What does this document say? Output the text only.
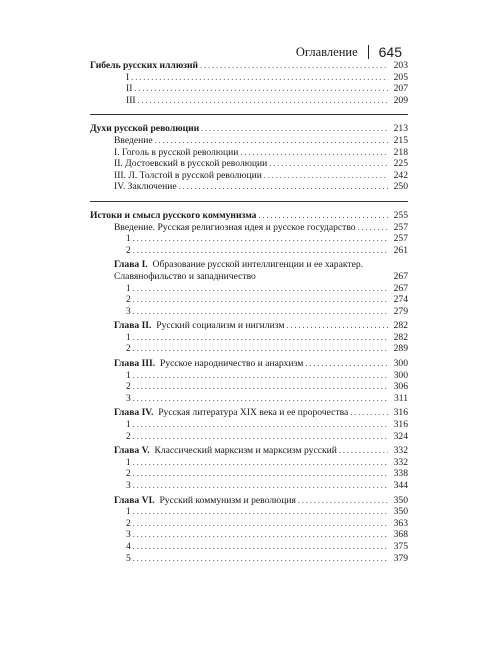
Оглавление 645
Гибель русских иллюзий . . .	203
I . . .	205
II . . .	207
III . . .	209
Духи русской революции . . .	213
Введение . . .	215
I. Гоголь в русской революции . . .	218
II. Достоевский в русской революции . . .	225
III. Л. Толстой в русской революции . . .	242
IV. Заключение . . .	250
Истоки и смысл русского коммунизма . . .	255
Введение. Русская религиозная идея и русское государство . . .	257
1 . . .	257
2 . . .	261
Глава I. Образование русской интеллигенции и ее характер. Славянофильство и западничество	267
1 . . .	267
2 . . .	274
3 . . .	279
Глава II. Русский социализм и нигилизм . . .	282
1 . . .	282
2 . . .	289
Глава III. Русское народничество и анархизм . . .	300
1 . . .	300
2 . . .	306
3 . . .	311
Глава IV. Русская литература XIX века и ее пророчества . . .	316
1 . . .	316
2 . . .	324
Глава V. Классический марксизм и марксизм русский . . .	332
1 . . .	332
2 . . .	338
3 . . .	344
Глава VI. Русский коммунизм и революция . . .	350
1 . . .	350
2 . . .	363
3 . . .	368
4 . . .	375
5 . . .	379
